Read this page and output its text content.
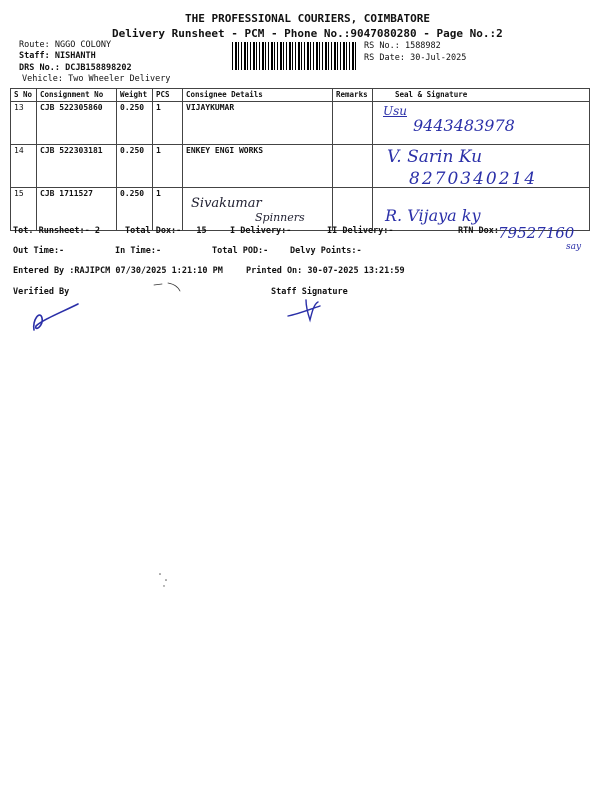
THE PROFESSIONAL COURIERS, COIMBATORE
Delivery Runsheet - PCM - Phone No.:9047080280 - Page No.:2
Route: NGGO COLONY
Staff: NISHANTH
DRS No.: DCJB158898202
Vehicle: Two Wheeler Delivery
RS No.: 1588982
RS Date: 30-Jul-2025
S No	Consignment No	Weight	PCS	Consignee Details	Remarks	Seal & Signature
13	CJB 522305860	0.250	1	VIJAYKUMAR		Usu
9443483978

14	CJB 522303181	0.250	1	ENKEY ENGI WORKS		V. Sarin Ku
8270340214

15	CJB 1711527	0.250	1	Sivakumar
Spinners		R. Vijaya ky
Tot. Runsheet:- 2	Total Dox:- 15	I Delivery:-	II Delivery:-	RTN Dox: 79527160
say
Out Time:-	In Time:-	Total POD:-	Delvy Points:-
Entered By :RAJIPCM 07/30/2025 1:21:10 PM	Printed On: 30-07-2025 13:21:59
Verified By	Staff Signature
